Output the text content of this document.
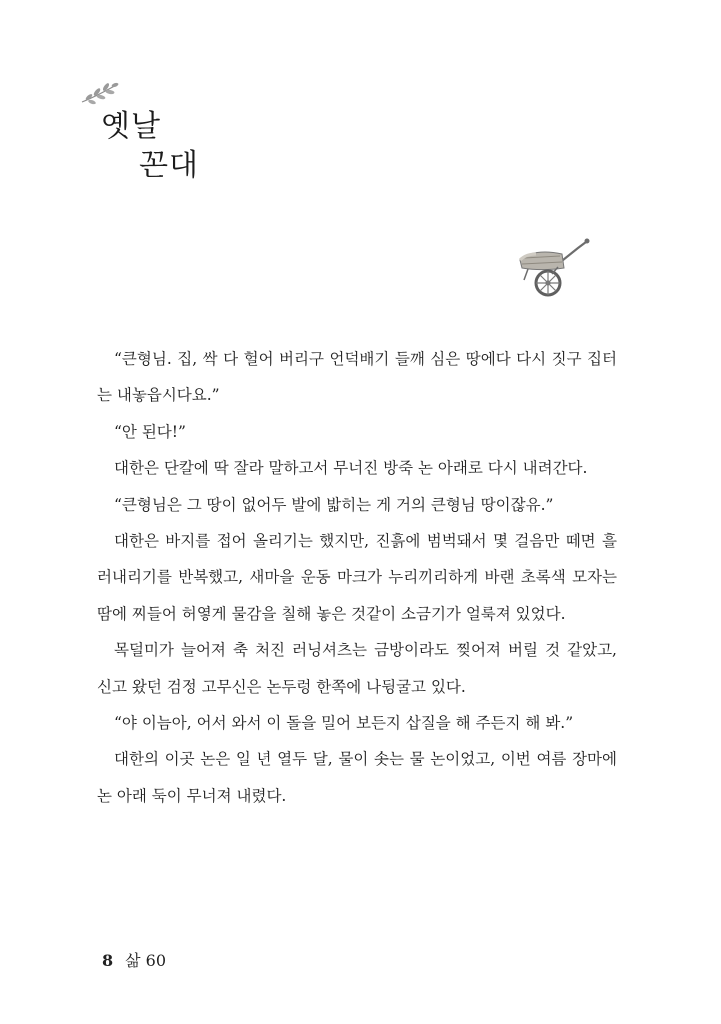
옛날
꼰대

“큰형님. 집, 싹 다 헐어 버리구 언덕배기 들깨 심은 땅에다 다시 짓구 집터는 내놓읍시다요.”

“안 된다!”

대한은 단칼에 딱 잘라 말하고서 무너진 방죽 논 아래로 다시 내려간다.

“큰형님은 그 땅이 없어두 발에 밟히는 게 거의 큰형님 땅이잖유.”

대한은 바지를 접어 올리기는 했지만, 진흙에 범벅돼서 몇 걸음만 떼면 흘러내리기를 반복했고, 새마을 운동 마크가 누리끼리하게 바랜 초록색 모자는 땀에 찌들어 허옇게 물감을 칠해 놓은 것같이 소금기가 얼룩져 있었다.

목덜미가 늘어져 축 처진 러닝셔츠는 금방이라도 찢어져 버릴 것 같았고, 신고 왔던 검정 고무신은 논두렁 한쪽에 나뒹굴고 있다.

“야 이늠아, 어서 와서 이 돌을 밀어 보든지 삽질을 해 주든지 해 봐.”

대한의 이곳 논은 일 년 열두 달, 물이 솟는 물 논이었고, 이번 여름 장마에 논 아래 둑이 무너져 내렸다.

8 삶 60
